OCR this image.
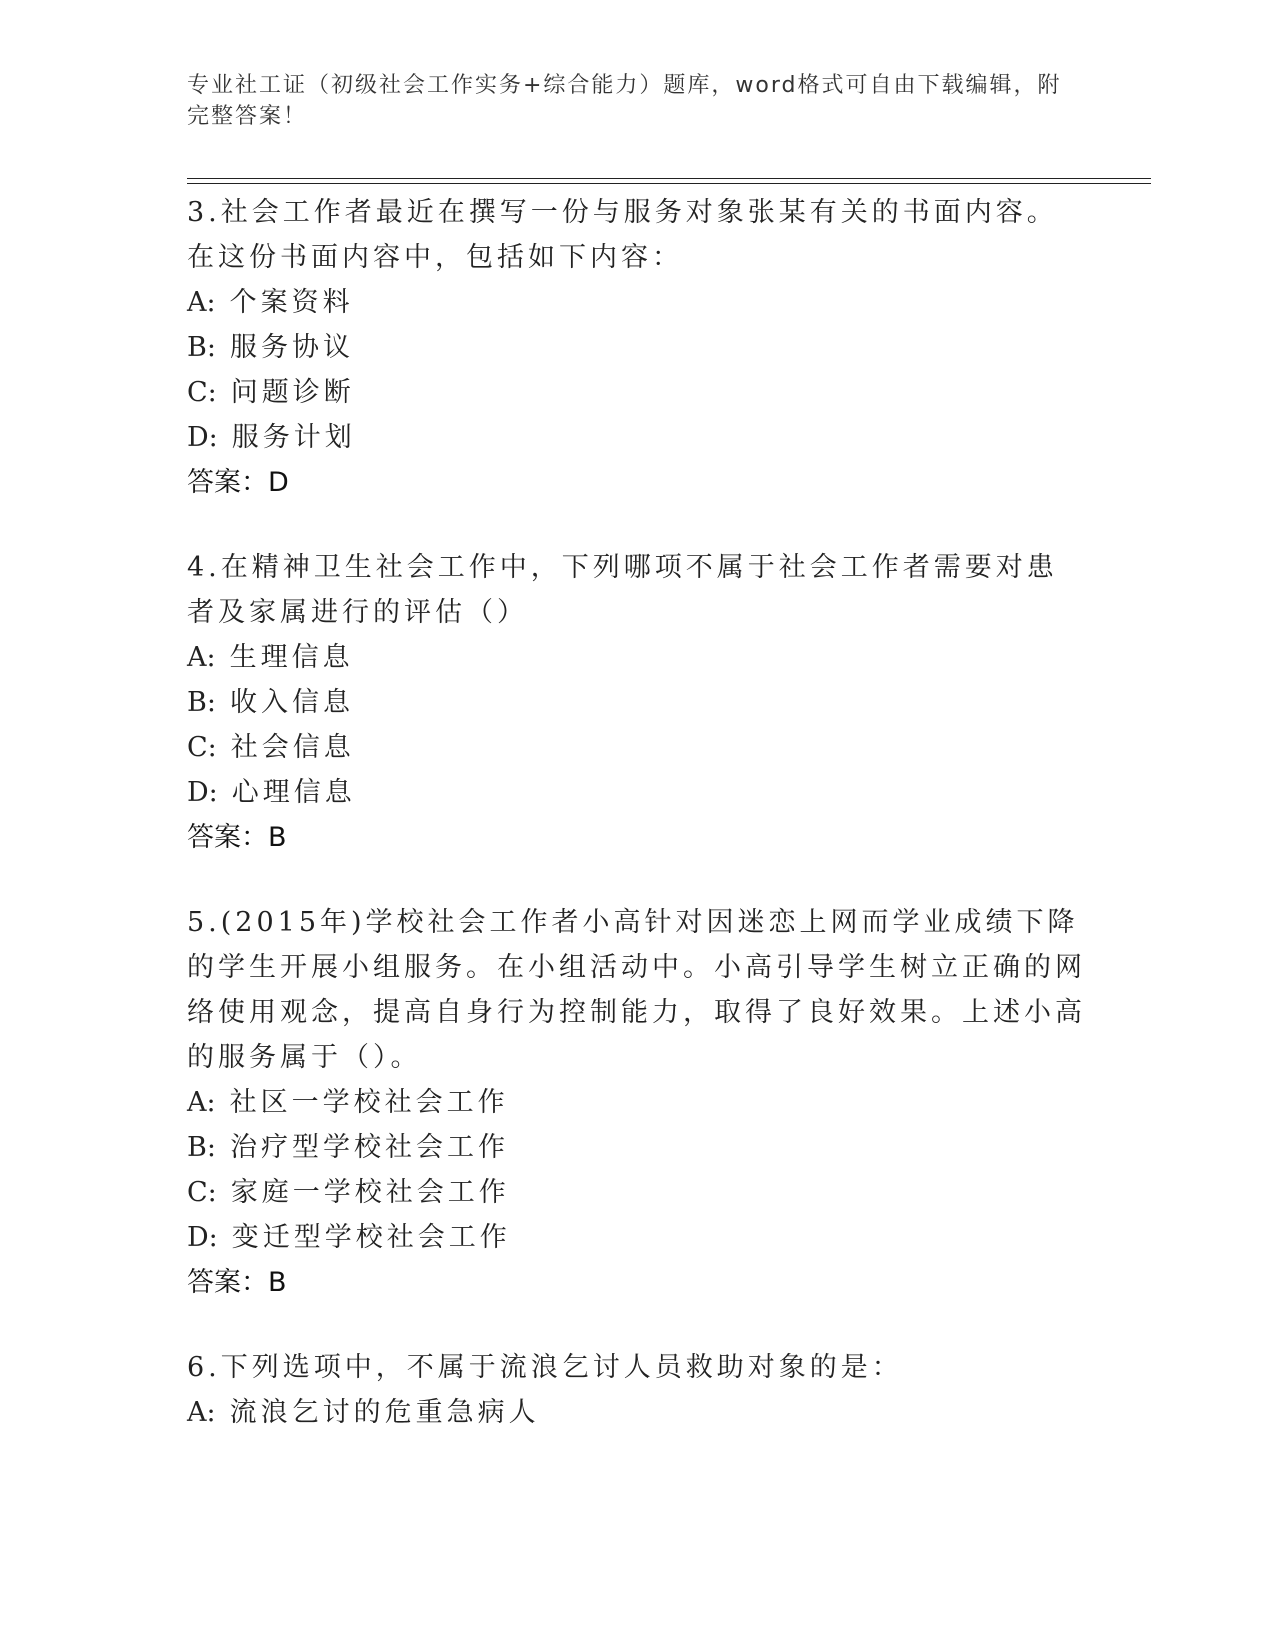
专业社工证（初级社会工作实务+综合能力）题库，word格式可自由下载编辑，附
完整答案！

3.社会工作者最近在撰写一份与服务对象张某有关的书面内容。在这份书面内容中，包括如下内容：

A: 个案资料

B: 服务协议

C: 问题诊断

D: 服务计划

答案：D

4.在精神卫生社会工作中，下列哪项不属于社会工作者需要对患者及家属进行的评估（）

A: 生理信息

B: 收入信息

C: 社会信息

D: 心理信息

答案：B

5.(2015年)学校社会工作者小高针对因迷恋上网而学业成绩下降的学生开展小组服务。在小组活动中。小高引导学生树立正确的网络使用观念，提高自身行为控制能力，取得了良好效果。上述小高的服务属于（）。

A: 社区一学校社会工作

B: 治疗型学校社会工作

C: 家庭一学校社会工作

D: 变迁型学校社会工作

答案：B

6.下列选项中，不属于流浪乞讨人员救助对象的是：

A: 流浪乞讨的危重急病人
